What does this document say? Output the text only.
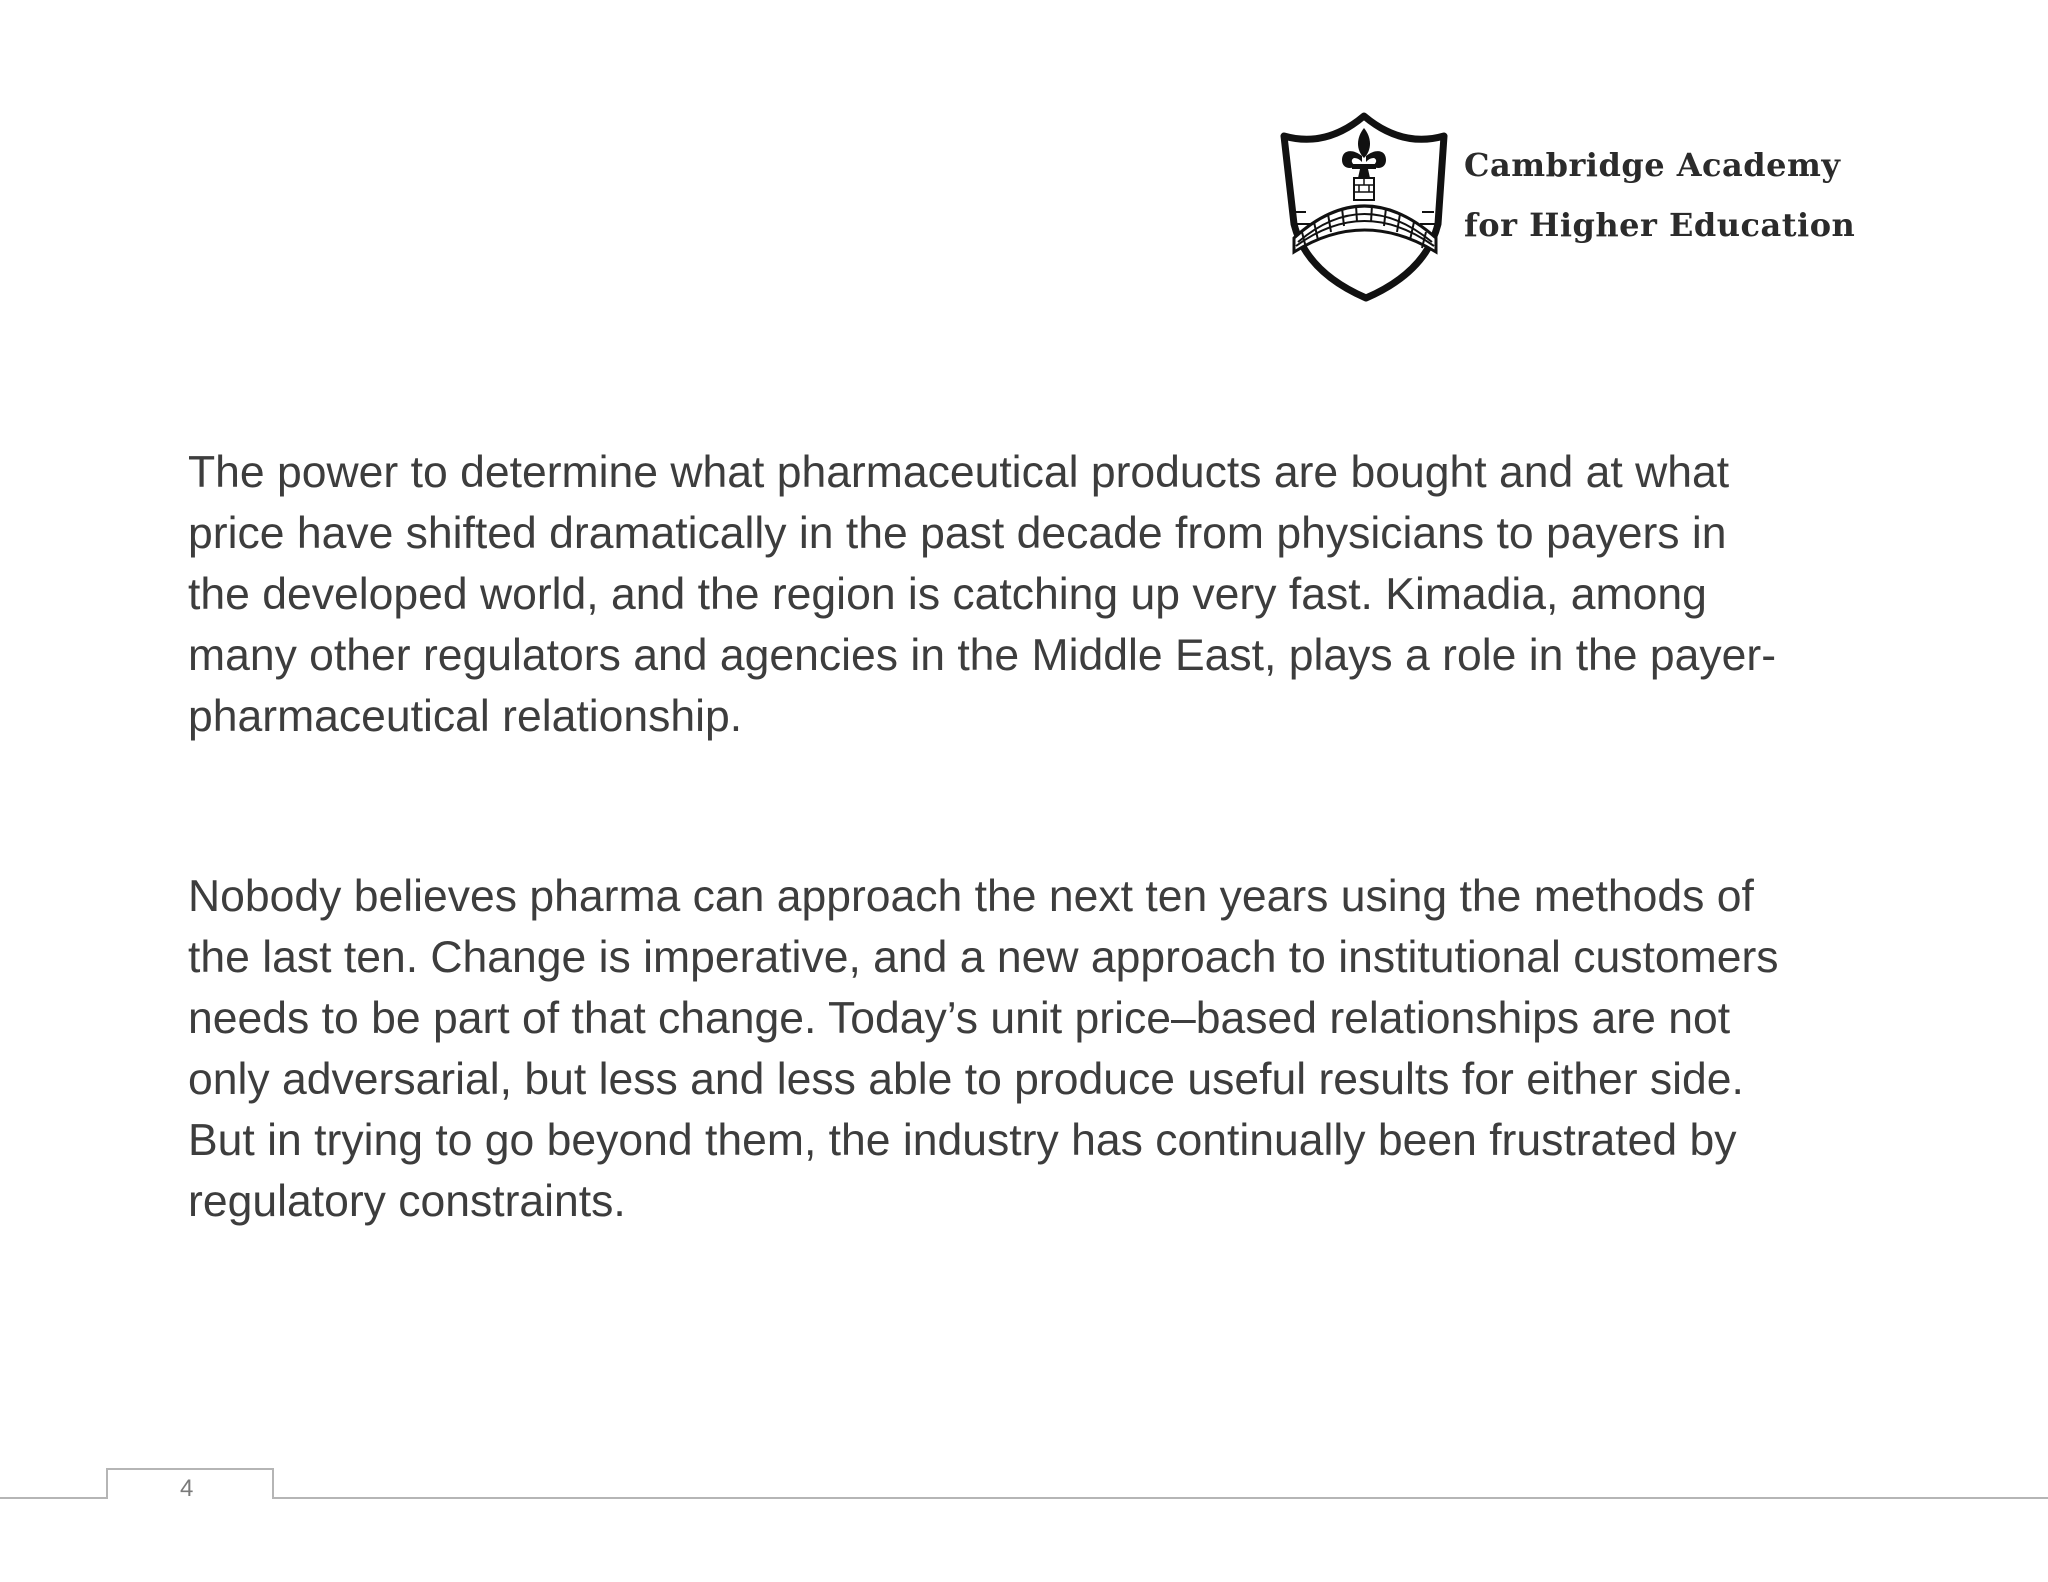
Cambridge Academy
for Higher Education

The power to determine what pharmaceutical products are bought and at what
price have shifted dramatically in the past decade from physicians to payers in
the developed world, and the region is catching up very fast. Kimadia, among
many other regulators and agencies in the Middle East, plays a role in the payer-
pharmaceutical relationship.

Nobody believes pharma can approach the next ten years using the methods of
the last ten. Change is imperative, and a new approach to institutional customers
needs to be part of that change. Today’s unit price–based relationships are not
only adversarial, but less and less able to produce useful results for either side.
But in trying to go beyond them, the industry has continually been frustrated by
regulatory constraints.

4
